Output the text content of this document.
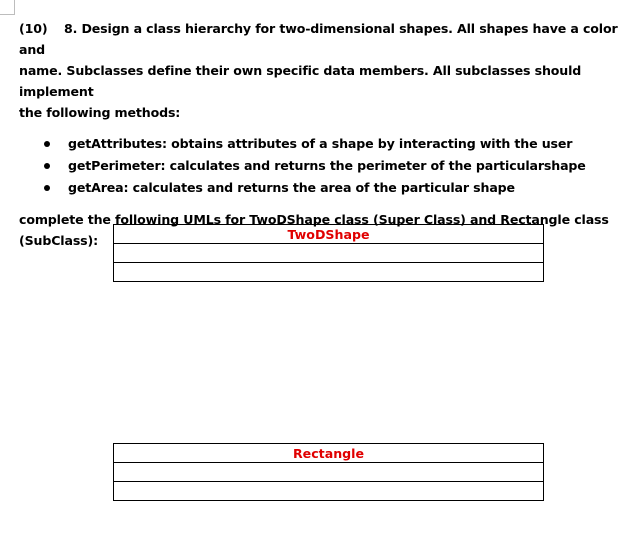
(10) 8. Design a class hierarchy for two-dimensional shapes. All shapes have a color and
name. Subclasses define their own specific data members. All subclasses should implement
the following methods:

getAttributes: obtains attributes of a shape by interacting with the user
getPerimeter: calculates and returns the perimeter of the particularshape
getArea: calculates and returns the area of the particular shape

complete the following UMLs for TwoDShape class (Super Class) and Rectangle class
(SubClass):	TwoDShape

Rectangle
